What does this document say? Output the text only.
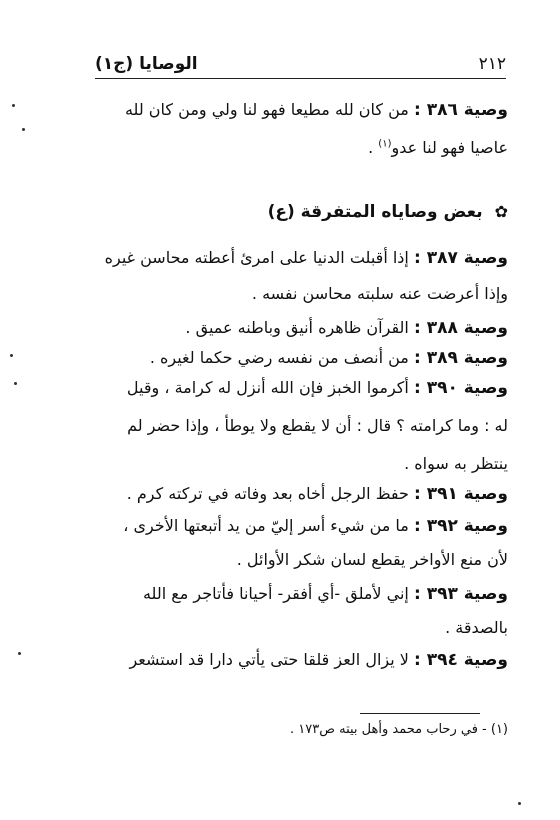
٢١٢
الوصايا (ج١)
وصية ٣٨٦ : من كان لله مطيعا فهو لنا ولي ومن كان لله
عاصيا فهو لنا عدو$^{(١)}$ .
✿ بعض وصاياه المتفرقة (ع)
وصية ٣٨٧ : إذا أقبلت الدنيا على امرئ أعطته محاسن غيره
وإذا أعرضت عنه سلبته محاسن نفسه .
وصية ٣٨٨ : القرآن ظاهره أنيق وباطنه عميق .
وصية ٣٨٩ : من أنصف من نفسه رضي حكما لغيره .
وصية ٣٩٠ : أكرموا الخبز فإن الله أنزل له كرامة ، وقيل
له : وما كرامته ؟ قال : أن لا يقطع ولا يوطأ ، وإذا حضر لم
ينتظر به سواه .
وصية ٣٩١ : حفظ الرجل أخاه بعد وفاته في تركته كرم .
وصية ٣٩٢ : ما من شيء أسر إليّ من يد أتبعتها الأخرى ،
لأن منع الأواخر يقطع لسان شكر الأوائل .
وصية ٣٩٣ : إني لأملق -أي أفقر- أحيانا فأتاجر مع الله
بالصدقة .
وصية ٣٩٤ : لا يزال العز قلقا حتى يأتي دارا قد استشعر
(١) - في رحاب محمد وأهل بيته ص١٧٣ .
